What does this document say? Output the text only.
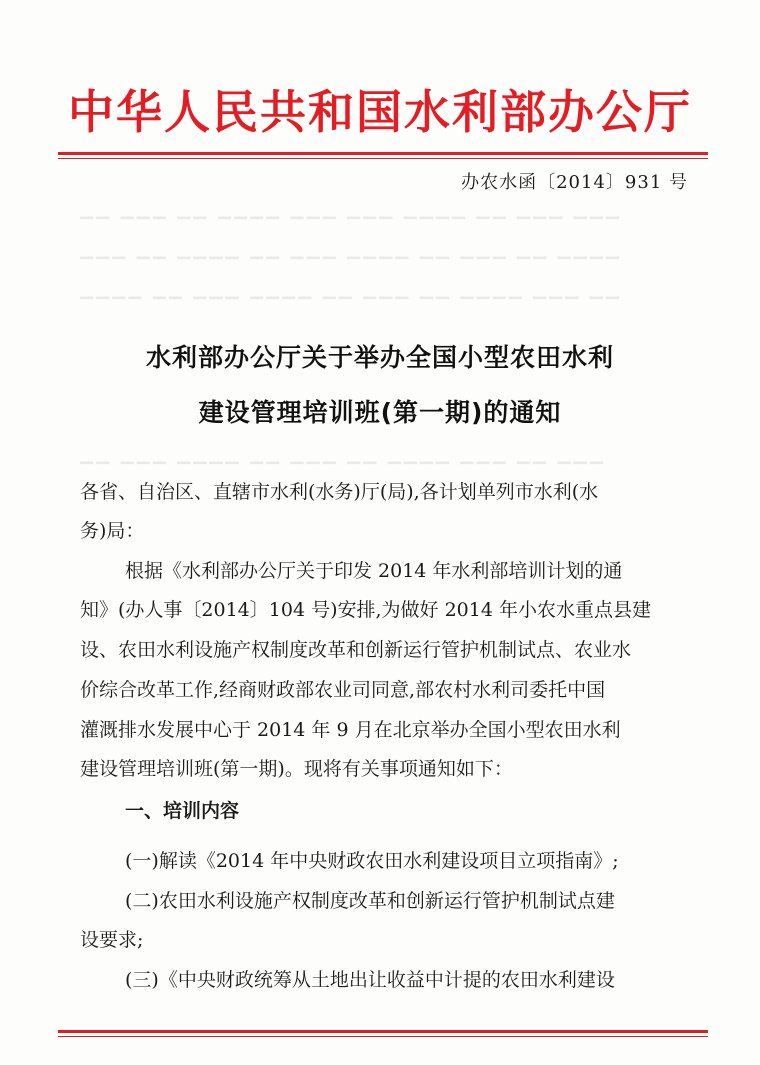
▁▁ ▁▁▁ ▁▁ ▁▁▁▁ ▁▁▁ ▁▁▁ ▁▁▁▁ ▁▁ ▁▁▁ ▁▁▁
▁▁▁ ▁▁ ▁▁▁▁ ▁▁ ▁▁▁ ▁▁▁▁ ▁▁ ▁▁▁ ▁▁ ▁▁▁▁
▁▁▁▁ ▁▁ ▁▁▁ ▁▁▁▁ ▁▁ ▁▁▁ ▁▁ ▁▁▁▁ ▁▁▁ ▁▁
▁▁ ▁▁▁ ▁▁▁▁ ▁▁ ▁▁▁ ▁▁ ▁▁▁▁ ▁▁▁ ▁▁ ▁▁▁
中华人民共和国水利部办公厅
办农水函〔2014〕931 号
水利部办公厅关于举办全国小型农田水利
建设管理培训班(第一期)的通知
各省、自治区、直辖市水利(水务)厅(局),各计划单列市水利(水
务)局：
根据《水利部办公厅关于印发 2014 年水利部培训计划的通
知》(办人事〔2014〕104 号)安排,为做好 2014 年小农水重点县建
设、农田水利设施产权制度改革和创新运行管护机制试点、农业水
价综合改革工作,经商财政部农业司同意,部农村水利司委托中国
灌溉排水发展中心于 2014 年 9 月在北京举办全国小型农田水利
建设管理培训班(第一期)。现将有关事项通知如下：
一、培训内容
(一)解读《2014 年中央财政农田水利建设项目立项指南》;
(二)农田水利设施产权制度改革和创新运行管护机制试点建
设要求;
(三)《中央财政统筹从土地出让收益中计提的农田水利建设
